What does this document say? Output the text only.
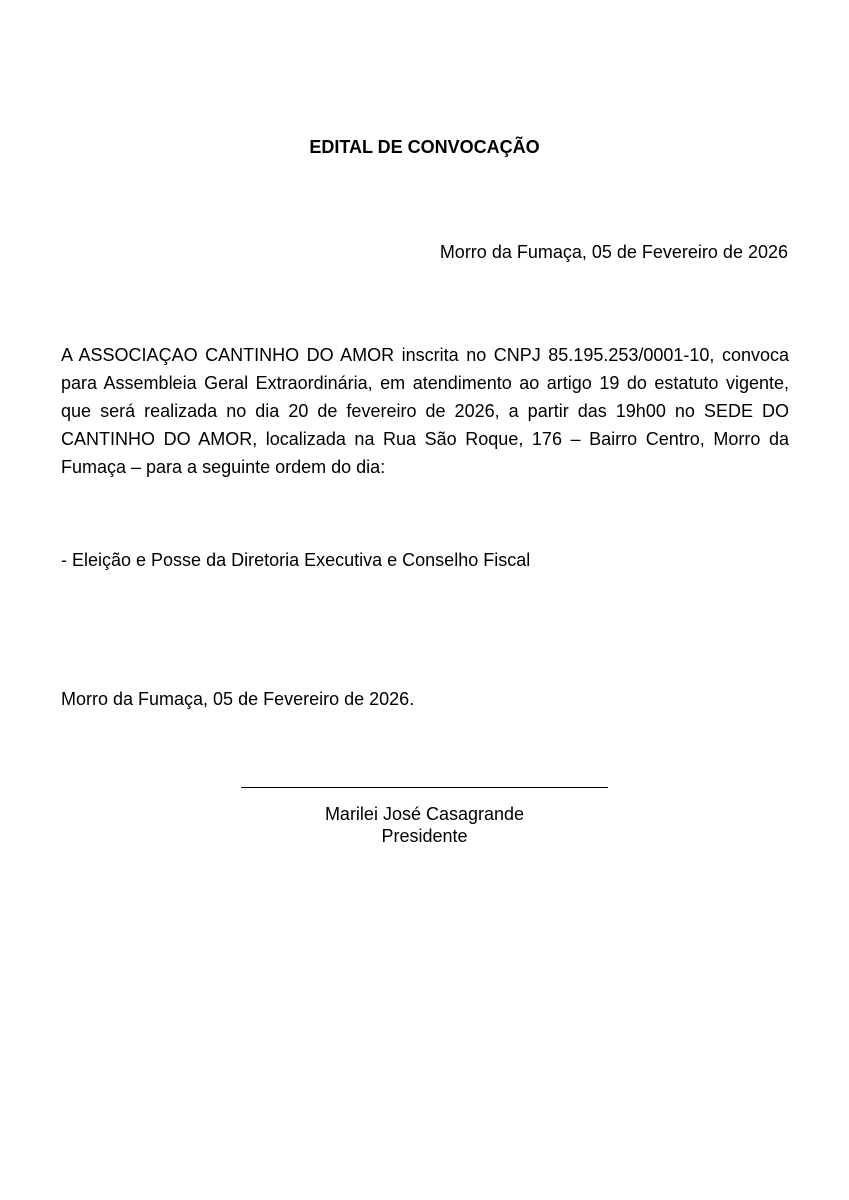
EDITAL DE CONVOCAÇÃO
Morro da Fumaça, 05 de Fevereiro de 2026

A ASSOCIAÇAO CANTINHO DO AMOR inscrita no CNPJ 85.195.253/0001-10, convoca para Assembleia Geral Extraordinária, em atendimento ao artigo 19 do estatuto vigente, que será realizada no dia 20 de fevereiro de 2026, a partir das 19h00 no SEDE DO CANTINHO DO AMOR, localizada na Rua São Roque, 176 – Bairro Centro, Morro da Fumaça – para a seguinte ordem do dia:

- Eleição e Posse da Diretoria Executiva e Conselho Fiscal
Morro da Fumaça, 05 de Fevereiro de 2026.
Marilei José Casagrande
Presidente
